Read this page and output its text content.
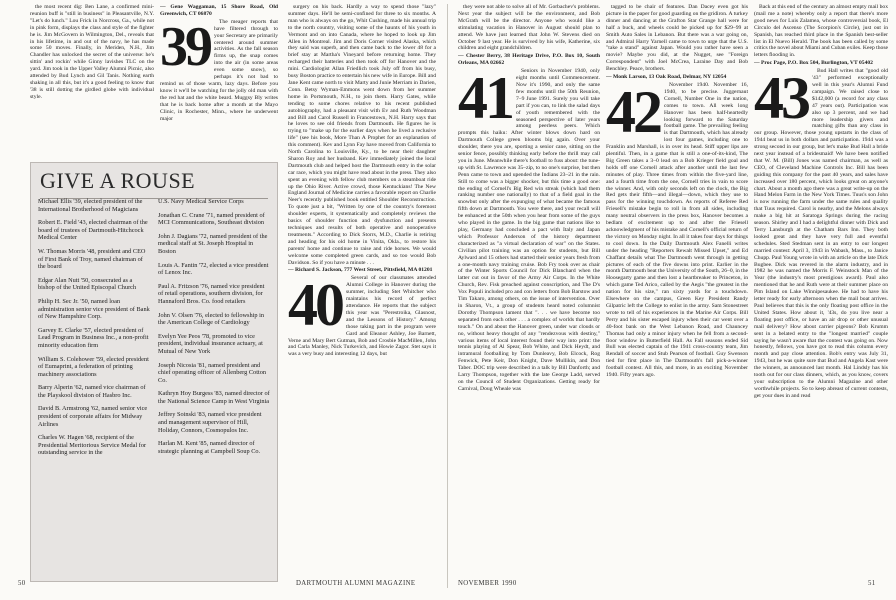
the most recent dig: Ben Lane, a confirmed mini-reunion buff is "still in business" in Pleasantville, N.Y. "Let's do lunch." Lou Frick in Norcross, Ga., while not in pink form, displays the class and style of the fighter he is. Jim McGovern in Wilmington, Del., reveals that in his lifetime, in and out of the navy, he has made some 50 moves. Finally, in Meriden, N.H., Jim Chandler has unlocked the secret of the universe: he's sittin' and rockin' while Ginny lavishes TLC on the yard. Jim took in the Upper Valley Alumni Picnic, also attended by Bud Lynch and Gil Tanis. Nothing earth shaking in all this, but it's a good feeling to know that '38 is still dotting the girdled globe with individual style.

— Gene Waggaman, 15 Shore Road, Old Greenwich, CT 06870

39	The meager reports that have filtered through to your Secretary are primarily centered around summer activities. As the fall season firms up, the snap comes into the air (in some areas even some snow), so perhaps it's not bad to remind us of those warm, lazy days. Before you know it we'll be watching for the jolly old man with the red hat and the white beard. Muggsy Bly writes that he is back home after a month at the Mayo Clinic, in Rochester, Minn., where he underwent major

GIVE A ROUSE
Michael Ellis '39, elected president of the International Brotherhood of Magicians
Robert E. Field '43, elected chairman of the board of trustees of Dartmouth-Hitchcock Medical Center
W. Thomas Morris '48, president and CEO of First Bank of Troy, named chairman of the board
Edgar Alan Nutt '50, consecrated as a bishop of the United Episcopal Church
Philip H. Sec Jr. '50, named loan administration senior vice president of Bank of New Hampshire Corp.
Garvey E. Clarke '57, elected president of Lead Program in Business Inc., a non-profit minority education firm
William S. Colehower '59, elected president of Eumaprint, a federation of printing machinery associations
Barry Alperin '62, named vice chairman of the Playskool division of Hasbro Inc.
David B. Armstrong '62, named senior vice president of corporate affairs for Midway Airlines
Charles W. Hagen '68, recipient of the Presidential Meritorious Service Medal for outstanding service in the
U.S. Navy Medical Service Corps
Jonathan C. Crane '71, named president of MCI Communications, Southeast division
John J. Dagians '72, named president of the medical staff at St. Joseph Hospital in Boston
Louis A. Fantin '72, elected a vice president of Lenox Inc.
Paul A. Fritzson '76, named vice president of retail operations, southern division, for Hannaford Bros. Co. food retailers
John V. Olsen '76, elected to fellowship in the American College of Cardiology
Evelyn Yee Peos '78, promoted to vice president, individual insurance actuary, at Mutual of New York
Joseph Nicosia '81, named president and chief operating officer of Allenberg Cotton Co.
Kathryn Hoy Burgess '83, named director of the National Science Camp in West Virginia
Jeffrey Soinski '83, named vice president and management supervisor of Hill, Holiday, Connors, Cosmopulos Inc.
Harlan M. Kent '85, named director of strategic planning at Campbell Soup Co.

surgery on his back. Hardly a way to spend those "lazy" summer days. He'll be semi-confined for three to six months. A man who is always on the go, Whit Cushing, made his annual trip to the north country, visiting some of the haunts of his youth in Vermont and on into Canada, where he hoped to look up Jim Allen in Montreal. Jim and Doris Corner visited Alaska, which they said was superb, and then came back to the lower 48 for a brief stay at Martha's Vineyard before returning home. They recharged their batteries and then took off for Hanover and the mini. Cardiologist Allan Friedlich took July off from his busy, busy Boston practice to entertain his new wife in Europe. Bill and Jane Kent came north to visit Marty and Junie Merriam in Darien, Conn. Betsy Wyman-Emmons went down from her summer home in Portsmouth, N.H., to join them. Harry Gates, while tending to some chores relative to his recent published autobiography, had a pleasant visit with Ev and Ruth Woodman and Bill and Carol Russell in Francestown, N.H. Harry says that he loves to see old friends from Dartmouth. He figures he is trying to "make up for the earlier days when he lived a reclusive life" (see his book, More Than A Prophet for an explanation of this comment). Kev and Lynn Fay have moved from California to North Carolina to Louisville, Ky., to be near their daughter Sharon Roy and her husband. Kev immediately joined the local Dartmouth club and helped host the Dartmouth entry in the solar car race, which you might have read about in the press. They also spent an evening with fellow club members on a steamboat ride up the Ohio River. Active crowd, those Kentuckians! The New England Journal of Medicine carries a favorable report on Charlie Neer's recently published book entitled Shoulder Reconstruction. To quote just a bit, "Written by one of the country's foremost shoulder experts, it systematically and completely reviews the basics of shoulder function and dysfunction and presents techniques and results of both operative and nonoperative treatments." According to Dick Storrs, M.D., Charlie is retiring and heading for his old home in Vinita, Okla., to restore his parents' home and continue to raise and ride horses. We would welcome some completed green cards, and so too would Bob Davidson. So if you have a minute . . .

— Richard S. Jackson, 777 West Street, Pittsfield, MA 01201

40	Several of our classmates attended Alumni College in Hanover during the summer, including Stet Whitcher who maintains his record of perfect attendance. He reports that the subject this year was "Perestroika, Glasnost, and the Lessons of History." Among those taking part in the program were Gard and Eleanor Ashley, Joe Barnett, Verne and Mary Bert Gutman, Bob and Crosbie MacMillen, John and Carla Manley, Nick Turkevich, and Howie Zagor. Stet says it was a very busy and interesting 12 days, but

they were not able to solve all of Mr. Gorbachev's problems. Next year the subject will be the environment, and Bob McGrath will be the director. Anyone who would like a stimulating vacation in Hanover in August should plan to attend. We have just learned that John W. Stevens died on October 9 last year. He is survived by his wife, Katherine, six children and eight grandchildren.

— Chester Berry, 38 Heritage Drive, P.O. Box 10, South Orleans, MA 02662

41	Seniors in November 1940, only eight months until Commencement. Now it's 1990, and only the same few months until the 50th Reunion, 7–9 June 1991. Surely you will take part if you can, to link the salad days of youth remembered with the seasoned perspective of later years among peerless peers. Which prompts this haiku: After winter blows down hard on Dartmouth College green blooms big again. Over your shoulder, there you are, sporting a senior cane, sitting on the senior fence, possibly thinking early before the thrill may call you in June. Meanwhile there's football to fuss about: the tune-up with St. Lawrence was 35–zip, to no one's surprise, but then Penn came to town and upended the Indians 23–21 in the rain. Still to come was a bigger shocker, but this time a good one: the ending of Cornell's Big Red win streak (which had them ranking number one nationally) to that of a field goal in the snowbut only after the expunging of what became the famous fifth down at Dartmouth. You were there, and your recall will be enhanced at the 50th when you hear from some of the guys who played in the game. In the big game that nations like to play, Germany had concluded a pact with Italy and Japan which Professor Anderson of the history department characterized as "a virtual declaration of war" on the States. Civilian pilot training was an option for students, but Bill Aylward and 15 others had started their senior years fresh from a one-month navy training cruise. Bob Fry took over as chair of the Winter Sports Council for Dick Blanchard when the latter cut out in favor of the Army Air Corps. In the White Church, Rev. Fisk preached against conscription, and The D's Vox Populi included pro and con letters from Bob Barstow and Tim Takaro, among others, on the issue of intervention. Over in Sharon, Vt., a group of students heard noted columnist Dorothy Thompson lament that ". . . we have become too separated from each other . . . a complex of worlds that hardly touch." On and about the Hanover green, under war clouds or no, without heavy thought of any "rendezvous with destiny," various items of local interest found their way into print: the tennis playing of Al Spear, Bob White, and Dick Heydt, and intramural footballing by Tom Dunleavy, Bob Elcock, Rog Fenwick, Pete Keir, Don Knight, Dave Mullikin, and Don Taber. DOC trip were described in a talk by Bill Danforth; and Larry Thompson, together with the late George Ladd, served on the Council of Student Organizations. Getting ready for Carnival, Doug Wheale was

tagged to be chair of features. Dan Dacey even got his picture in the paper for good guarding on the gridiron. A turkey dinner and dancing at the Grafton Star Grange hall were for half a buck, and wheels could be picked up for $29–99 at Smith Auto Sales in Lebanon. But there was a war going on, and Admiral Harry Yarnell came to town to urge that the U.S. "take a stand" against Japan. Would you rather have seen a movie? Maybe you did, at the Nugget, see "Foreign Correspondent" with Joel McCrea, Laraine Day and Bob Benchley. Peace, brothers.

— Monk Larson, 13 Oak Road, Delmar, NY 12054

42	November 1940. November 16, 1940, to be precise. Juggernaut Cornell, Number One in the nation, comes to town. All week long Hanover has been half-heartedly looking forward to the Saturday football game. The prevailing feeling is that Dartmouth, which has already lost four games, including one to Franklin and Marshall, is in over its head. Stiff upper lips are plentiful. Then, in a game that is still a one-of-its-kind, The Big Green takes a 3–0 lead on a Bob Krieger field goal and holds off one Cornell attack after another until the last few minutes of play. Three times from within the five-yard line, and a fourth time from the one, Cornell tries in vain to score the winner. And, with only seconds left on the clock, the Big Red gets their fifth—and illegal—down, which they use to pass for the winning touchdown. As reports of Referee Red Friesell's mistake begin to roll in from all sides, including many neutral observers in the press box, Hanover becomes a bedlam of excitement up to and after the Friesell acknowledgment of his mistake and Cornell's official return of the victory on Monday night. In all it takes four days for things to cool down. In the Daily Dartmouth Alex Fanelli writes under the heading "Reporters Rewalt Missed Upset," and Ed Chaffant details what The Dartmouth went through in getting pictures of each of the five downs into print. Earlier in the month Dartmouth beat the University of the South, 26–0, in the Hoosegarty game and then lost a heartbreaker to Princeton, in which game Ted Arico, called by the Aegis "the greatest in the nation for his size," ran sixty yards for a touchdown. Elsewhere on the campus, Green Key President Randy Gilpatric left the College to enlist in the army. Sam Stonestreet wrote to tell of his experiences in the Marine Air Corps. Bill Perry and his sister escaped injury when their car went over a 40-foot bank on the West Lebanon Road, and Chauncey Thomas had only a minor injury when he fell from a second-floor window in Butterfield Hall. As Fall seasons ended Sid Bull was elected captain of the 1941 cross-country team, Jim Rendall of soccer and Stub Pearson of football. Guy Swenson tied for first place in The Dartmouth's fall pick-a-winner football contest. All this, and more, in an exciting November 1940. Fifty years ago.

Back at this end of the century an almost empty mail box (mail me a note) whereby only a report that there's more good news for Luis Zalamea, whose controversial book, El Circulo del Ascenso (The Scorpion's Circle), just out in Spanish, has reached third place in the Spanish best-seller list in El Nuevo Herald. The book has been called by some critics the novel about Miami and Cuban exiles. Keep those letters flooding in.

— Proc Page, P.O. Box 504, Burlington, VT 05402

43	Bud Hall writes that "good old '43" performed exceptionally well in this year's Alumni Fund campaign. We raised close to $142,000 (a record for any class 47 years out). Participation was also up 3 percent, and we had more leadership givers and matching gifts than any class in our group. However, those young upstarts in the class of 1944 beat us in both dollars and participation. 1944 was a strong second in our group, but let's make Bud Hall a bride next year instead of a bridesmaid! We have been notified that W. M. (Bill) Jones was named chairman, as well as CEO, of Cleveland Machine Controls Inc. Bill has been guiding this company for the past 40 years, and sales have increased over 180 percent, which looks great on anyone's chart. About a month ago there was a great write-up on the Hand Melon Farm in the New York Times. Tuus's son John is now running the farm under the same rules and quality that Tuus required. Carol is nearby, and the Melons always make a big hit at Saratoga Springs during the racing season. Shirley and I had a delightful dinner with Dick and Terry Lansburgh at the Chatham Bars Inn. They both looked great and they have very full and eventful schedules. Sted Stedman sent in an entry to our longest married contest: April 3, 1943 in Wabash, Mass., to Janice Chupp. Paul Young wrote in with an article on the late Dick Bugbee. Dick was revered in the alarm industry, and in 1982 he was named the Morris F. Weinstock Man of the Year (the industry's most prestigious award). Paul also mentioned that he and Ruth were at their summer place on Pim Island on Lake Winnipesaukee. He had to have his letter ready for early afternoon when the mail boat arrives. Paul believes that this is the only floating post office in the United States. How about it, '43s, do you live near a floating post office, or have an air drop or other unusual mail delivery? How about carrier pigeons? Bob Krumm sent in a belated entry to the "longest married" couple saying he wasn't aware that the contest was going on. Now honestly, fellows, you have got to read this column every month and pay close attention. Bob's entry was July 31, 1943, but he was quite sure that Bud and Angela Kast were the winners, as announced last month. Hal Lindsly has his tooth out for our class dinners, which, as you know, covers your subscription to the Alumni Magazine and other worthwhile projects. So to keep abreast of current contests, get your dues in and read

50	DARTMOUTH ALUMNI MAGAZINE	NOVEMBER 1990	51
